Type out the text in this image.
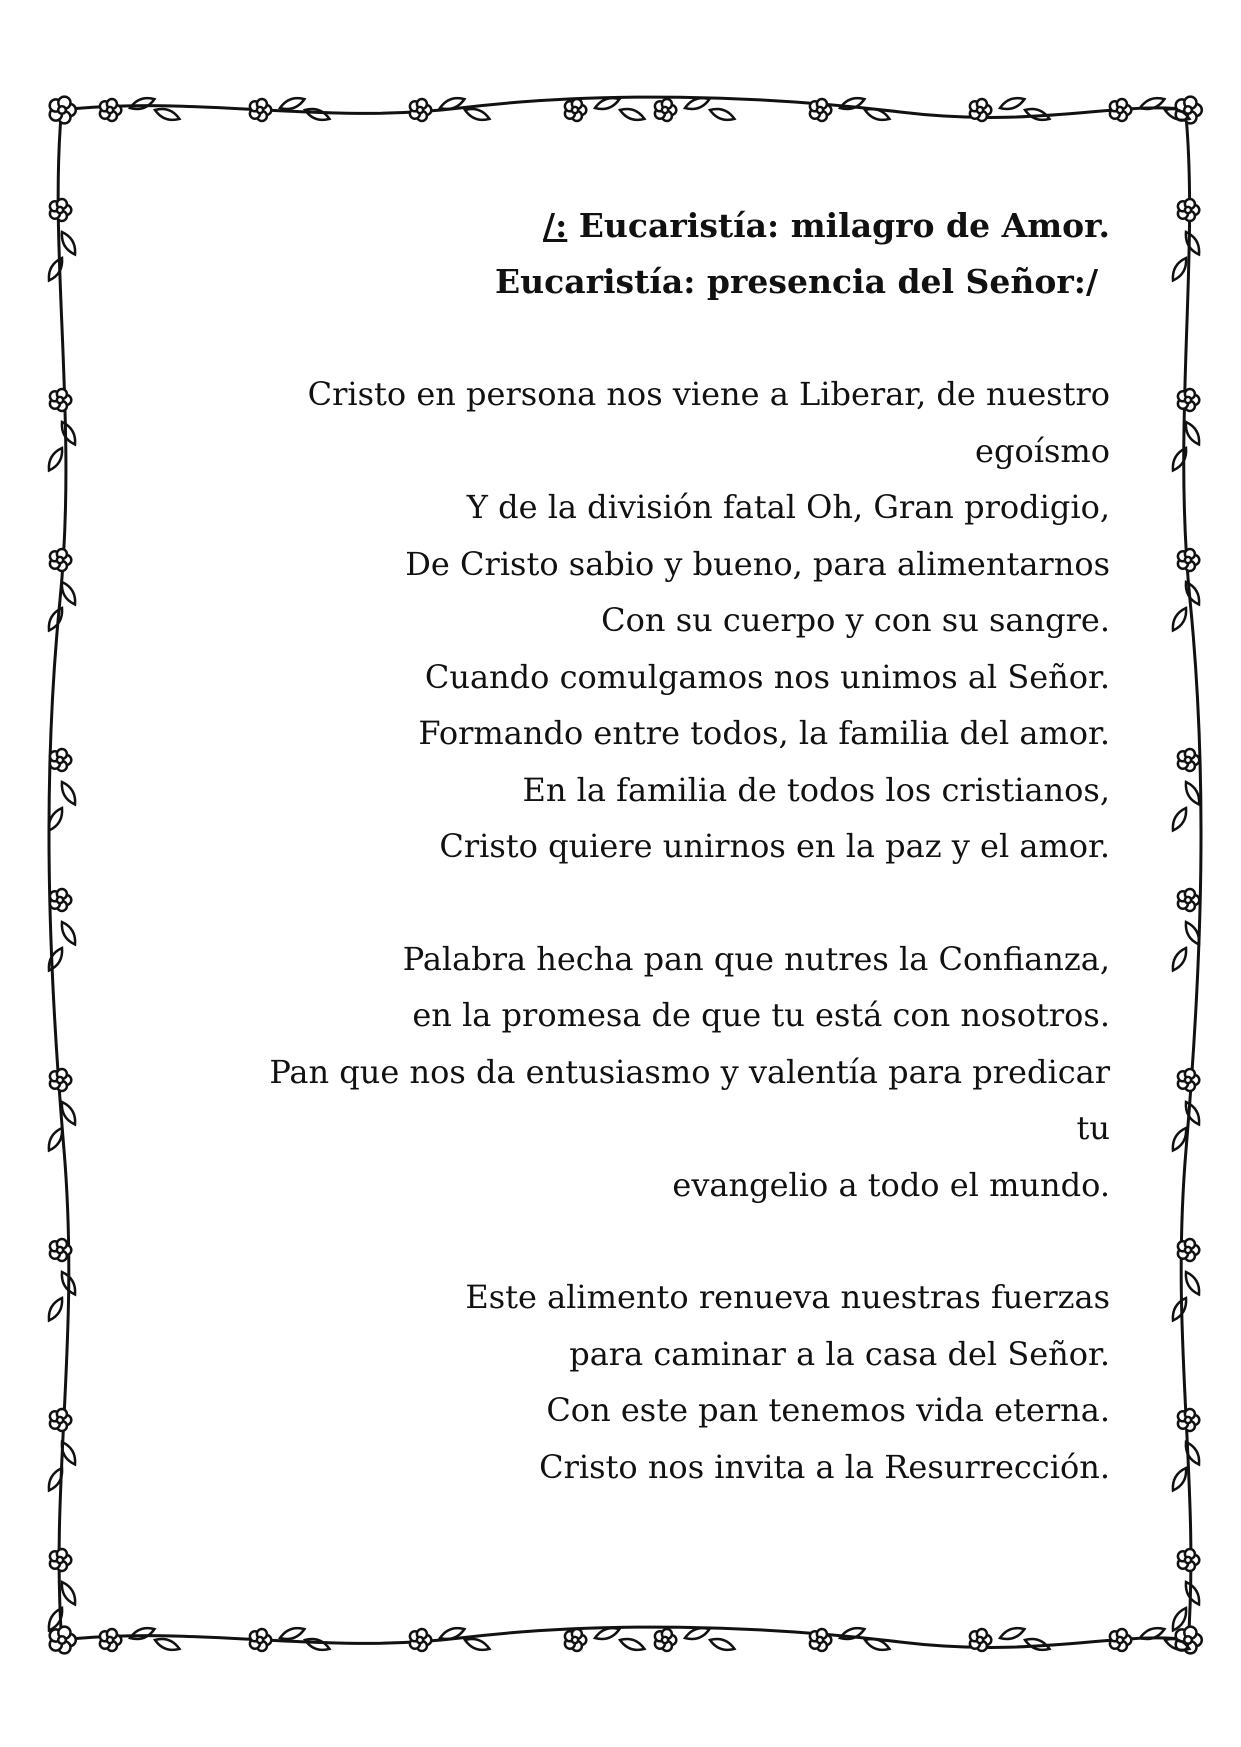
/: Eucaristía: milagro de Amor.

Eucaristía: presencia del Señor:/

Cristo en persona nos viene a Liberar, de nuestro

egoísmo

Y de la división fatal Oh, Gran prodigio,

De Cristo sabio y bueno, para alimentarnos

Con su cuerpo y con su sangre.

Cuando comulgamos nos unimos al Señor.

Formando entre todos, la familia del amor.

En la familia de todos los cristianos,

Cristo quiere unirnos en la paz y el amor.

Palabra hecha pan que nutres la Confianza,

en la promesa de que tu está con nosotros.

Pan que nos da entusiasmo y valentía para predicar

tu

evangelio a todo el mundo.

Este alimento renueva nuestras fuerzas

para caminar a la casa del Señor.

Con este pan tenemos vida eterna.

Cristo nos invita a la Resurrección.
